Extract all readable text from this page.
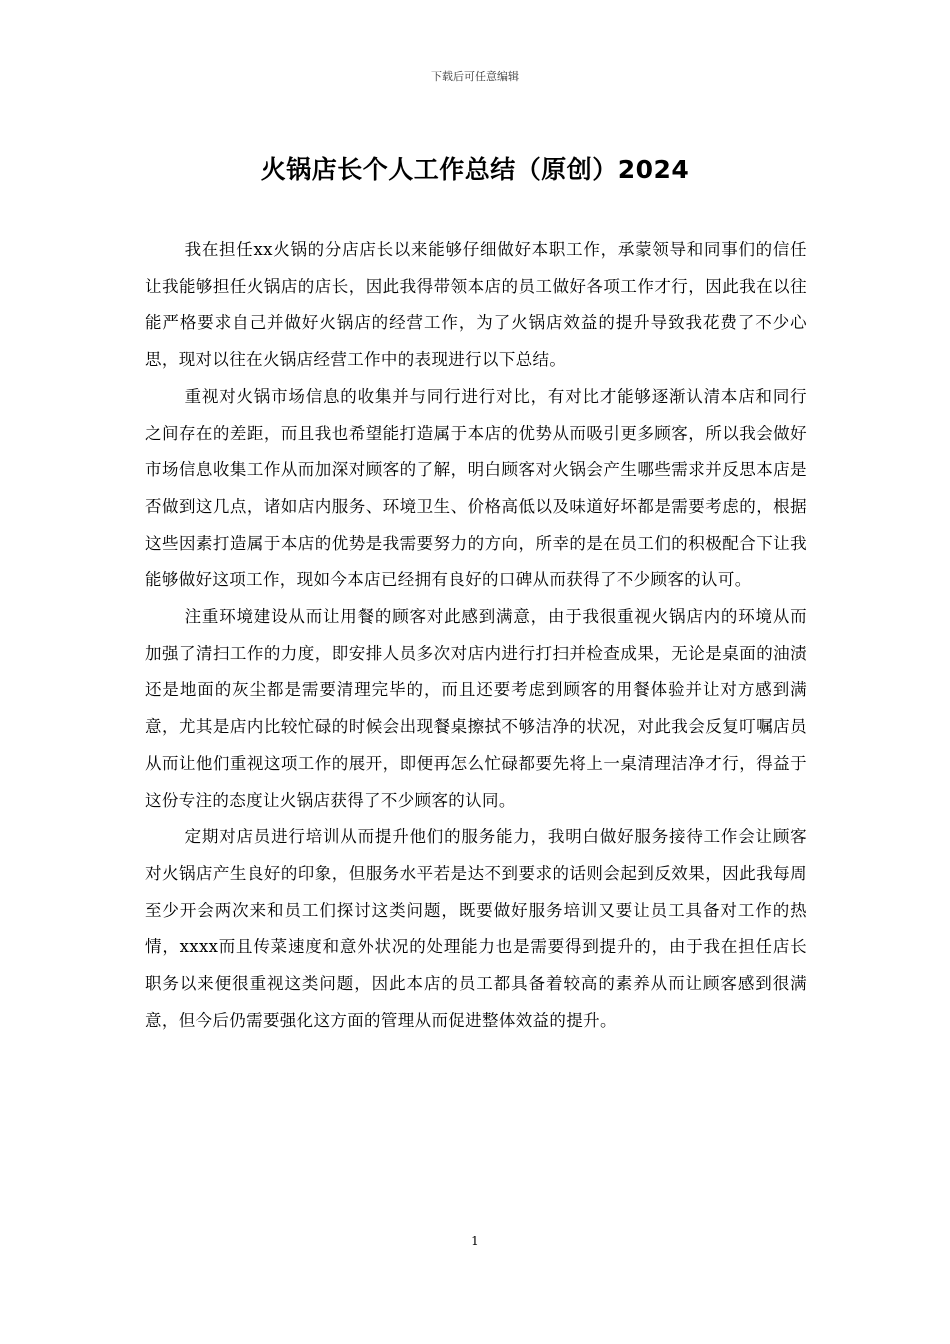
下载后可任意编辑
火锅店长个人工作总结（原创）2024

我在担任xx火锅的分店店长以来能够仔细做好本职工作，承蒙领导和同事们的信任让我能够担任火锅店的店长，因此我得带领本店的员工做好各项工作才行，因此我在以往能严格要求自己并做好火锅店的经营工作，为了火锅店效益的提升导致我花费了不少心思，现对以往在火锅店经营工作中的表现进行以下总结。

重视对火锅市场信息的收集并与同行进行对比，有对比才能够逐渐认清本店和同行之间存在的差距，而且我也希望能打造属于本店的优势从而吸引更多顾客，所以我会做好市场信息收集工作从而加深对顾客的了解，明白顾客对火锅会产生哪些需求并反思本店是否做到这几点，诸如店内服务、环境卫生、价格高低以及味道好坏都是需要考虑的，根据这些因素打造属于本店的优势是我需要努力的方向，所幸的是在员工们的积极配合下让我能够做好这项工作，现如今本店已经拥有良好的口碑从而获得了不少顾客的认可。

注重环境建设从而让用餐的顾客对此感到满意，由于我很重视火锅店内的环境从而加强了清扫工作的力度，即安排人员多次对店内进行打扫并检查成果，无论是桌面的油渍还是地面的灰尘都是需要清理完毕的，而且还要考虑到顾客的用餐体验并让对方感到满意，尤其是店内比较忙碌的时候会出现餐桌擦拭不够洁净的状况，对此我会反复叮嘱店员从而让他们重视这项工作的展开，即便再怎么忙碌都要先将上一桌清理洁净才行，得益于这份专注的态度让火锅店获得了不少顾客的认同。

定期对店员进行培训从而提升他们的服务能力，我明白做好服务接待工作会让顾客对火锅店产生良好的印象，但服务水平若是达不到要求的话则会起到反效果，因此我每周至少开会两次来和员工们探讨这类问题，既要做好服务培训又要让员工具备对工作的热情，xxxx而且传菜速度和意外状况的处理能力也是需要得到提升的，由于我在担任店长职务以来便很重视这类问题，因此本店的员工都具备着较高的素养从而让顾客感到很满意，但今后仍需要强化这方面的管理从而促进整体效益的提升。

1
